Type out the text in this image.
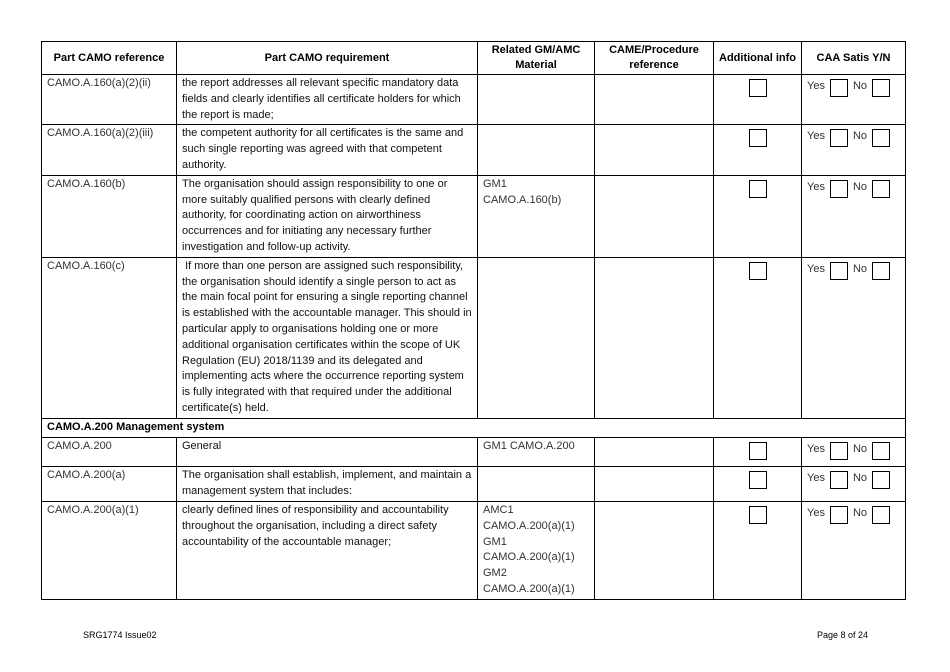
Part CAMO reference	Part CAMO requirement	Related GM/AMC Material	CAME/Procedure reference	Additional info	CAA Satis Y/N
CAMO.A.160(a)(2)(ii)	the report addresses all relevant specific mandatory data fields and clearly identifies all certificate holders for which the report is made;				Yes No
CAMO.A.160(a)(2)(iii)	the competent authority for all certificates is the same and such single reporting was agreed with that competent authority.				Yes No
CAMO.A.160(b)	The organisation should assign responsibility to one or more suitably qualified persons with clearly defined authority, for coordinating action on airworthiness occurrences and for initiating any necessary further investigation and follow-up activity.	GM1 CAMO.A.160(b)			Yes No
CAMO.A.160(c)	If more than one person are assigned such responsibility, the organisation should identify a single person to act as the main focal point for ensuring a single reporting channel is established with the accountable manager. This should in particular apply to organisations holding one or more additional organisation certificates within the scope of UK Regulation (EU) 2018/1139 and its delegated and implementing acts where the occurrence reporting system is fully integrated with that required under the additional certificate(s) held.				Yes No
CAMO.A.200 Management system					
CAMO.A.200	General	GM1 CAMO.A.200			Yes No
CAMO.A.200(a)	The organisation shall establish, implement, and maintain a management system that includes:				Yes No
CAMO.A.200(a)(1)	clearly defined lines of responsibility and accountability throughout the organisation, including a direct safety accountability of the accountable manager;	AMC1 CAMO.A.200(a)(1) GM1 CAMO.A.200(a)(1) GM2 CAMO.A.200(a)(1)			Yes No
SRG1774 Issue02	Page 8 of 24
